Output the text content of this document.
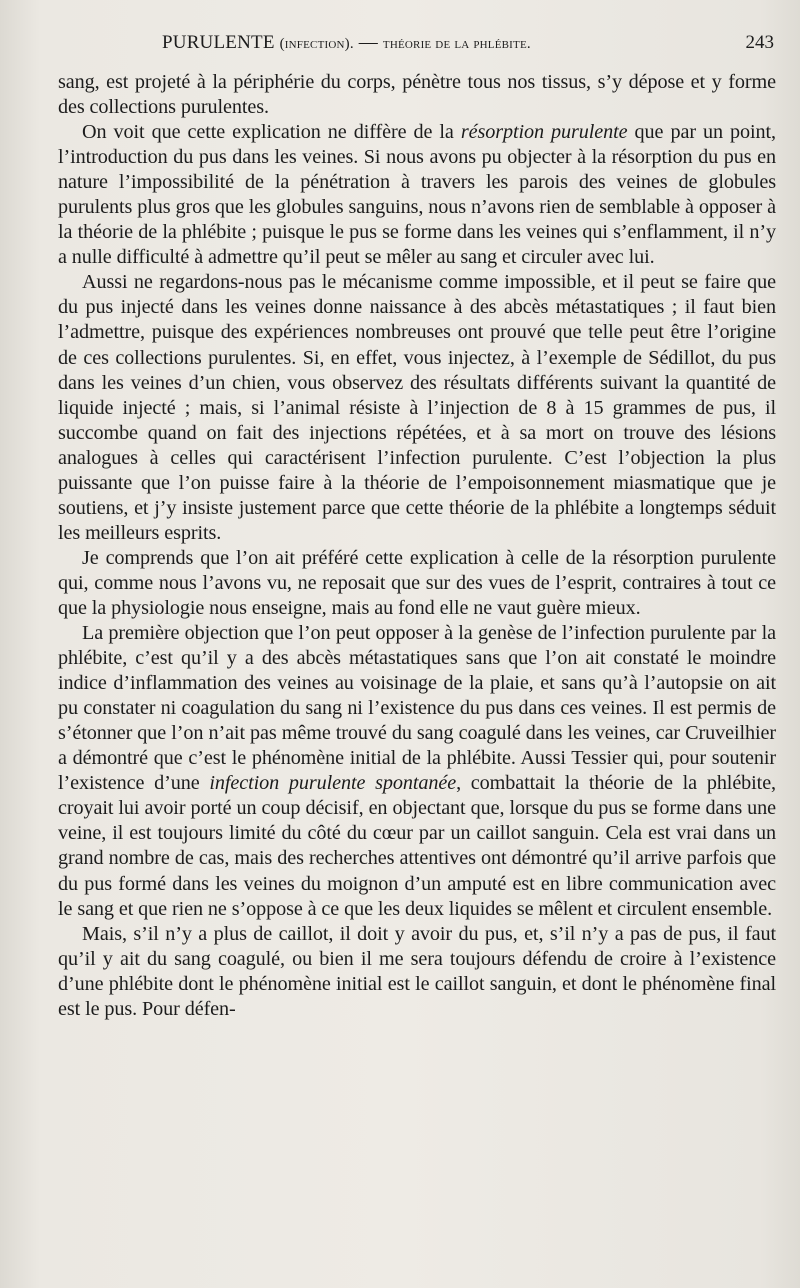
PURULENTE (infection). — théorie de la phlébite.	243

sang, est projeté à la périphérie du corps, pénètre tous nos tissus, s’y dépose et y forme des collections purulentes.

On voit que cette explication ne diffère de la résorption purulente que par un point, l’introduction du pus dans les veines. Si nous avons pu objecter à la résorption du pus en nature l’impossibilité de la pénétration à travers les parois des veines de globules purulents plus gros que les globules sanguins, nous n’avons rien de semblable à opposer à la théorie de la phlébite ; puisque le pus se forme dans les veines qui s’enflamment, il n’y a nulle difficulté à admettre qu’il peut se mêler au sang et circuler avec lui.

Aussi ne regardons-nous pas le mécanisme comme impossible, et il peut se faire que du pus injecté dans les veines donne naissance à des abcès métastatiques ; il faut bien l’admettre, puisque des expériences nombreuses ont prouvé que telle peut être l’origine de ces collections purulentes. Si, en effet, vous injectez, à l’exemple de Sédillot, du pus dans les veines d’un chien, vous observez des résultats différents suivant la quantité de liquide injecté ; mais, si l’animal résiste à l’injection de 8 à 15 grammes de pus, il succombe quand on fait des injections répétées, et à sa mort on trouve des lésions analogues à celles qui caractérisent l’infection purulente. C’est l’objection la plus puissante que l’on puisse faire à la théorie de l’empoisonnement miasmatique que je soutiens, et j’y insiste justement parce que cette théorie de la phlébite a longtemps séduit les meilleurs esprits.

Je comprends que l’on ait préféré cette explication à celle de la résorption purulente qui, comme nous l’avons vu, ne reposait que sur des vues de l’esprit, contraires à tout ce que la physiologie nous enseigne, mais au fond elle ne vaut guère mieux.

La première objection que l’on peut opposer à la genèse de l’infection purulente par la phlébite, c’est qu’il y a des abcès métastatiques sans que l’on ait constaté le moindre indice d’inflammation des veines au voisinage de la plaie, et sans qu’à l’autopsie on ait pu constater ni coagulation du sang ni l’existence du pus dans ces veines. Il est permis de s’étonner que l’on n’ait pas même trouvé du sang coagulé dans les veines, car Cruveilhier a démontré que c’est le phénomène initial de la phlébite. Aussi Tessier qui, pour soutenir l’existence d’une infection purulente spontanée, combattait la théorie de la phlébite, croyait lui avoir porté un coup décisif, en objectant que, lorsque du pus se forme dans une veine, il est toujours limité du côté du cœur par un caillot sanguin. Cela est vrai dans un grand nombre de cas, mais des recherches attentives ont démontré qu’il arrive parfois que du pus formé dans les veines du moignon d’un amputé est en libre communication avec le sang et que rien ne s’oppose à ce que les deux liquides se mêlent et circulent ensemble.

Mais, s’il n’y a plus de caillot, il doit y avoir du pus, et, s’il n’y a pas de pus, il faut qu’il y ait du sang coagulé, ou bien il me sera toujours défendu de croire à l’existence d’une phlébite dont le phénomène initial est le caillot sanguin, et dont le phénomène final est le pus. Pour défen-
